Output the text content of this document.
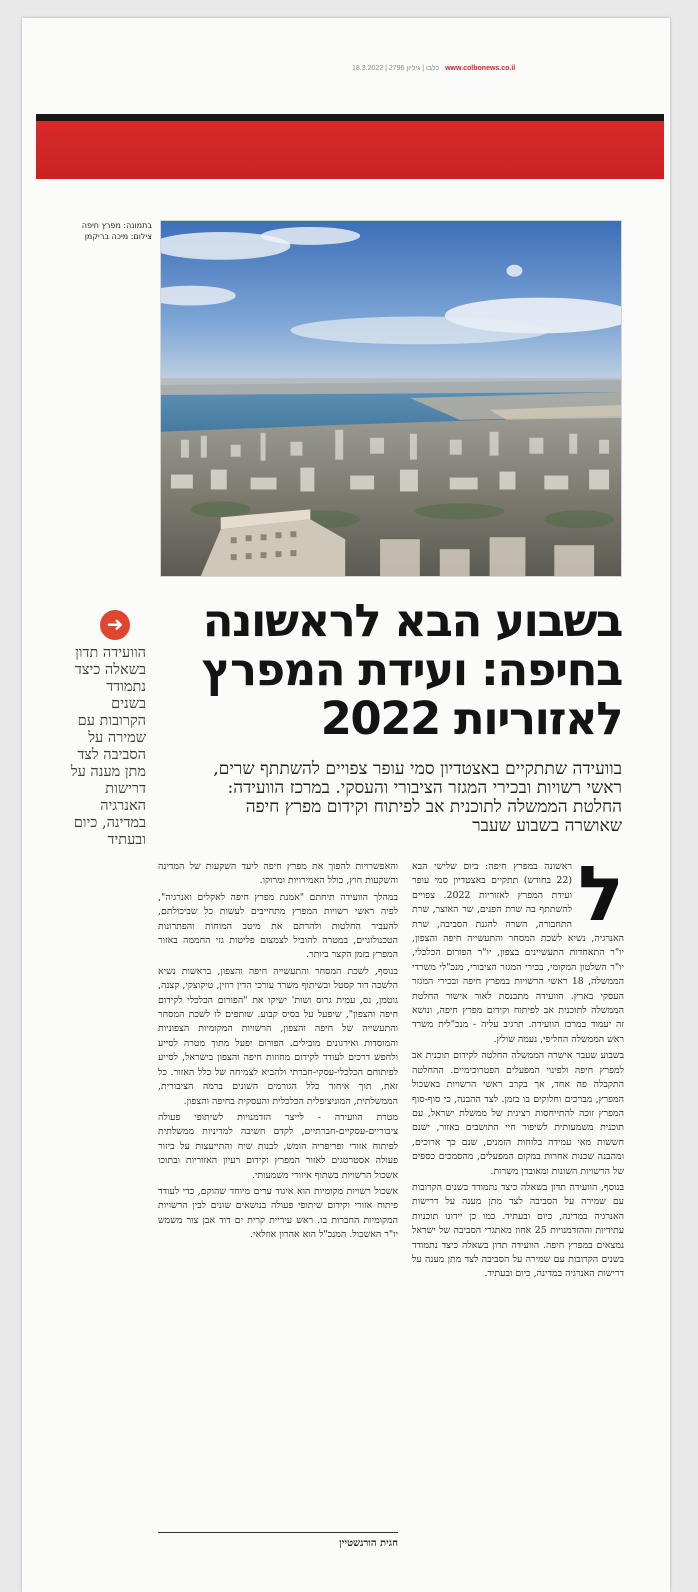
כלבו | גיליון 2796 | 18.3.2022 www.colbonews.co.il
בתמונה: מפרץ חיפה
צילום: מיכה בריקמן
בשבוע הבא לראשונה
בחיפה: ועידת המפרץ
לאזוריות 2022
בוועידה שתתקיים באצטדיון סמי עופר צפויים להשתתף שרים,
ראשי רשויות ובכירי המגזר הציבורי והעסקי. במרכז הוועידה:
החלטת הממשלה לתוכנית אב לפיתוח וקידום מפרץ חיפה
שאושרה בשבוע שעבר
ל

ראשונה במפרץ חיפה: ביום שלישי הבא (22 בחודש) תתקיים באצטדיון סמי עופר ועידת המפרץ לאזוריות 2022. צפויים להשתתף בה שרת הפנים, שר האוצר, שרת התחבורה, השרה להגנת הסביבה, שרת האנרגיה, נשיא לשכת המסחר והתעשייה חיפה והצפון, יו"ר התאחדות התעשיינים בצפון, יו"ר הפורום הכלכלי, יו"ר השלטון המקומי, בכירי המגזר הציבורי, מנכ"לי משרדי הממשלה, 18 ראשי הרשויות במפרץ חיפה ובכירי המגזר העסקי בארץ. הוועידה מתכנסת לאור אישור החלטת הממשלה לתוכנית אב לפיתוח וקידום מפרץ חיפה, ונושא זה יעמוד במרכז הוועידה. תרגיב עליה - מנכ"לית משרד ראש הממשלה החליפי, נעמה שולץ.

בשבוע שעבר אישרה הממשלה החלטה לקידום תוכנית אב למפרץ חיפה ולפינוי המפעלים הפטרוכימיים. ההחלטה התקבלה פה אחד, אך בקרב ראשי הרשויות באשכול המפרץ, מברכים וחלוקים בו בזמן. לצד ההבנה, כי סוף-סוף המפרץ זוכה להתייחסות רצינית של ממשלת ישראל, עם תוכנית משמעותית לשיפור חיי התושבים באזור, ישנם חששות מאי עמידה בלוחות הזמנים, שנם כך ארוכים, ומהבנה שכנות אחרות במקום המפעלים, מהסמכים כספים של הרשויות השונות ומאובדן משרות.

בנוסף, הוועידה תדון בשאלה כיצד נתמודד בשנים הקרובות עם שמירה על הסביבה לצד מתן מענה על דרישות האנרגיה במדינה, כיום ובעתיד. כמו כן יידונו תוכניות עתידיות וההזדמנויות 25 אחוז מאתגרי הסביבה של ישראל נמצאים במפרץ חיפה. הוועידה תדון בשאלה כיצד נתמודד בשנים הקרובות עם שמירה על הסביבה לצד מתן מענה על דרישות האנרגיה במדינה, כיום ובעתיד.

והאפשרויות להפוך את מפרץ חיפה ליעד השקעות של המדינה והשקעות חוץ, כולל האמירויות ומרוקו.

במהלך הוועידה תיחתם "אמנת מפרץ חיפה לאקלים ואנרגיה", לפיה ראשי רשויות המפרץ מתחייבים לעשות כל שביכולתם, להעביר החלטות ולהרתם את מיטב המוחות והפתרונות הטכנולוגיים, במטרה להוביל לצמצום פליטות גזי החממה באזור המפרץ בזמן הקצר ביותר.

בנוסף, לשכת המסחר והתעשייה חיפה והצפון, בראשות נשיא הלשכה דוד קסטל ובשיתוף משרד עורכי הדין רוזין, טיקוצקי, קצנה, גוטמן, נס, עמית גרוס ושות' ישיקו את "הפורום הכלכלי לקידום חיפה והצפון", שיפעל על בסיס קבוע. שותפים לו לשכת המסחר והתעשייה של חיפה והצפון, הרשויות המקומיות הצפוניות והמוסדות ואירגונים מובילים. הפורום יפעל מתוך מטרה לסייע ולחפש דרכים לעודד לקידום מחוזות חיפה והצפון בישראל, לסייע לפיתוחם הכלכלי-עסקי-חברתי ולהביא לצמיחה של כלל האזור. כל זאת, תוך איחוד כלל הגורמים השונים ברמה הציבורית, הממשלתית, המוניציפלית הכלכלית והעסקית בחיפה והצפון.

מטרת הוועידה - לייצר הזדמנויות לשיתופי פעולה ציבוריים-עסקיים-חברתיים, לקדם חשיבה למדיניות ממשלתית לפיתוח אזורי ופריפריה הומש, לבנות שיח והתייעצות על ביזור פעולה אסטרטגים לאזור המפרץ וקידום רעיון האזוריות ובתוכו אשכול הרשויות בשתוף איזורי משמעותי.

אשכול רשויות מקומיות הוא איגוד ערים מיוחד שהוקם, כדי לעודד פיתוח אזורי וקידום שיתופי פעולה בנושאים שונים לבין הרשויות המקומיות החברות בו. ראש עיריית קרית ים דוד אבן צור משמש יו"ר האשכול. המנכ"ל הוא אהרון אוזלאי.

➜
הוועידה תדון בשאלה כיצד נתמודד בשנים הקרובות עם שמירה על הסביבה לצד מתן מענה על דרישות האנרגיה במדינה, כיום ובעתיד
חגית הורנשטיין
